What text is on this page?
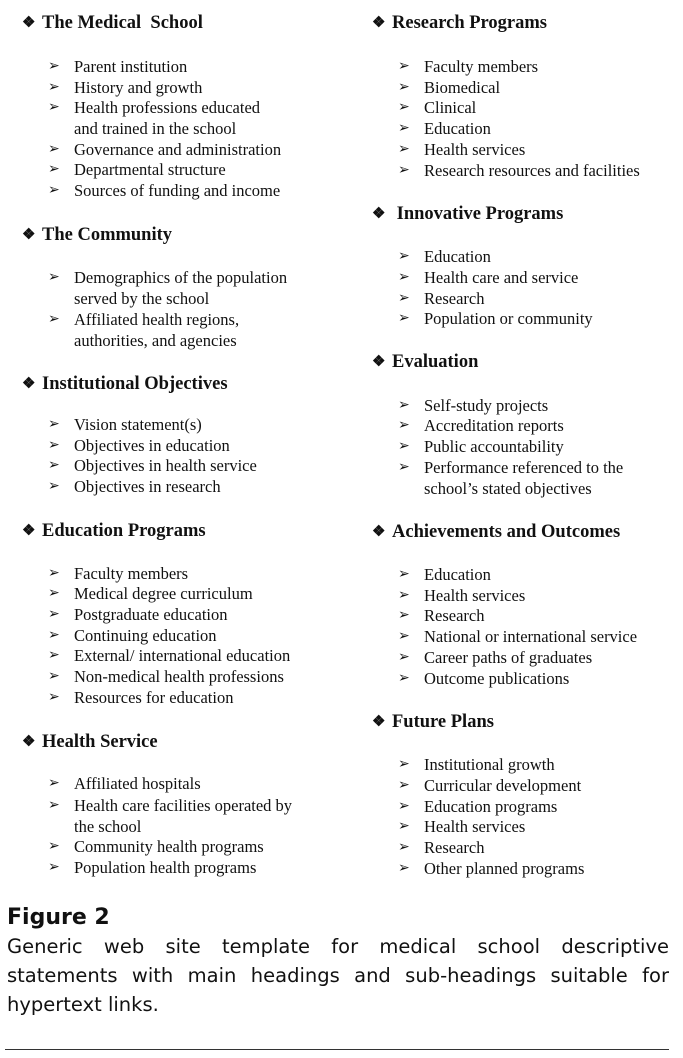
❖ The Medical  School
➢ Parent institution
➢ History and growth
➢ Health professions educated
and trained in the school
➢ Governance and administration
➢ Departmental structure
➢ Sources of funding and income
❖ The Community
➢ Demographics of the population
served by the school
➢ Affiliated health regions,
authorities, and agencies
❖ Institutional Objectives
➢ Vision statement(s)
➢ Objectives in education
➢ Objectives in health service
➢ Objectives in research
❖ Education Programs
➢ Faculty members
➢ Medical degree curriculum
➢ Postgraduate education
➢ Continuing education
➢ External/ international education
➢ Non-medical health professions
➢ Resources for education
❖ Health Service
➢ Affiliated hospitals
➢ Health care facilities operated by
the school
➢ Community health programs
➢ Population health programs
❖ Research Programs
➢ Faculty members
➢ Biomedical
➢ Clinical
➢ Education
➢ Health services
➢ Research resources and facilities
❖ Innovative Programs
➢ Education
➢ Health care and service
➢ Research
➢ Population or community
❖ Evaluation
➢ Self-study projects
➢ Accreditation reports
➢ Public accountability
➢ Performance referenced to the
school’s stated objectives
❖ Achievements and Outcomes
➢ Education
➢ Health services
➢ Research
➢ National or international service
➢ Career paths of graduates
➢ Outcome publications
❖ Future Plans
➢ Institutional growth
➢ Curricular development
➢ Education programs
➢ Health services
➢ Research
➢ Other planned programs
Figure 2
Generic web site template for medical school descriptive statements with main headings and sub-headings suitable for hypertext links.
